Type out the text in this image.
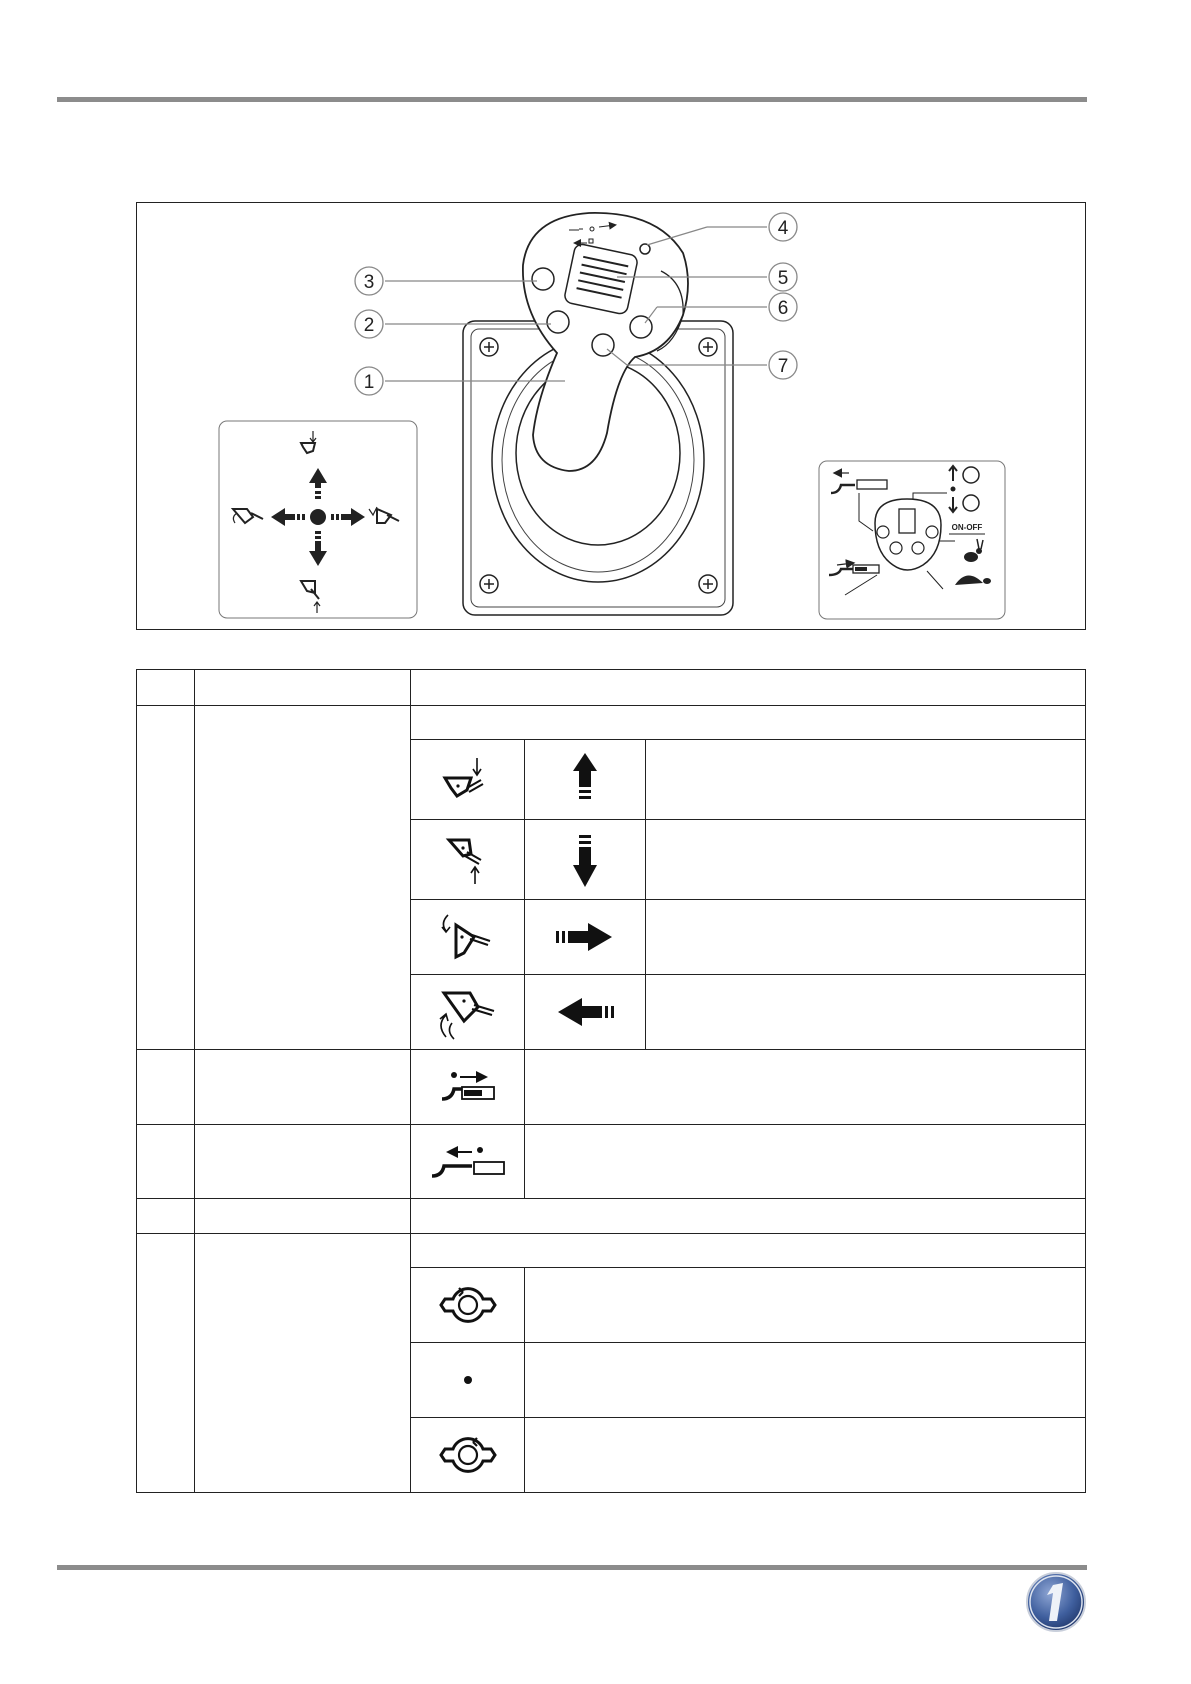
1
2
3
4
5
6
7
ON-OFF
